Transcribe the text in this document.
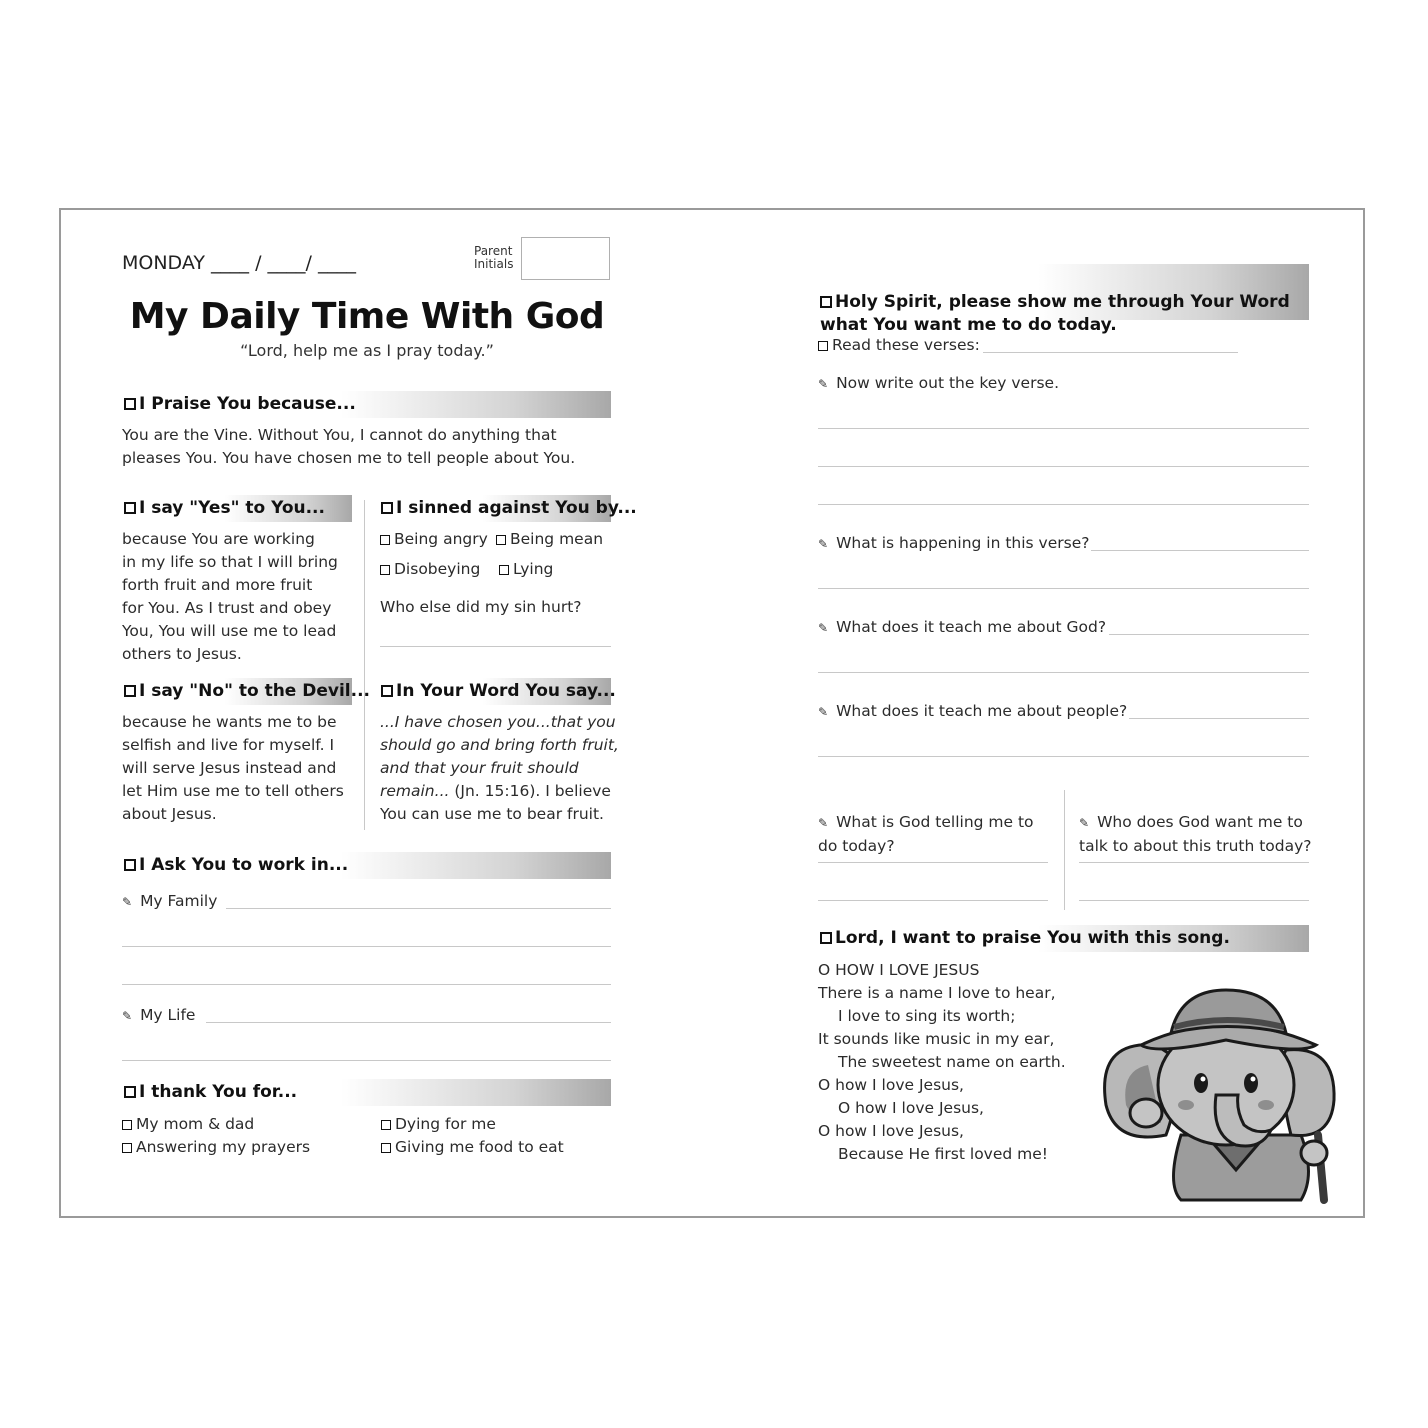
MONDAY ____ / ____/ ____
Parent
Initials
My Daily Time With God
“Lord, help me as I pray today.”
I Praise You because...
You are the Vine. Without You, I cannot do anything that
pleases You. You have chosen me to tell people about You.
I say "Yes" to You...
because You are working
in my life so that I will bring
forth fruit and more fruit
for You. As I trust and obey
You, You will use me to lead
others to Jesus.
I sinned against You by...
Being angry	Being mean
Disobeying	Lying
Who else did my sin hurt?
I say "No" to the Devil...
because he wants me to be
selfish and live for myself. I
will serve Jesus instead and
let Him use me to tell others
about Jesus.
In Your Word You say...
...I have chosen you...that you
should go and bring forth fruit,
and that your fruit should
remain... (Jn. 15:16). I believe
You can use me to bear fruit.
I Ask You to work in...
✎ My Family
✎ My Life
I thank You for...
My mom & dad
Answering my prayers
Dying for me
Giving me food to eat

Holy Spirit, please show me through Your Word
what You want me to do today.

Read these verses:
✎ Now write out the key verse.
✎ What is happening in this verse?
✎ What does it teach me about God?
✎ What does it teach me about people?

✎ What is God telling me to
do today?

✎ Who does God want me to
talk to about this truth today?

Lord, I want to praise You with this song.
O HOW I LOVE JESUS
There is a name I love to hear,
I love to sing its worth;
It sounds like music in my ear,
The sweetest name on earth.
O how I love Jesus,
O how I love Jesus,
O how I love Jesus,
Because He first loved me!
